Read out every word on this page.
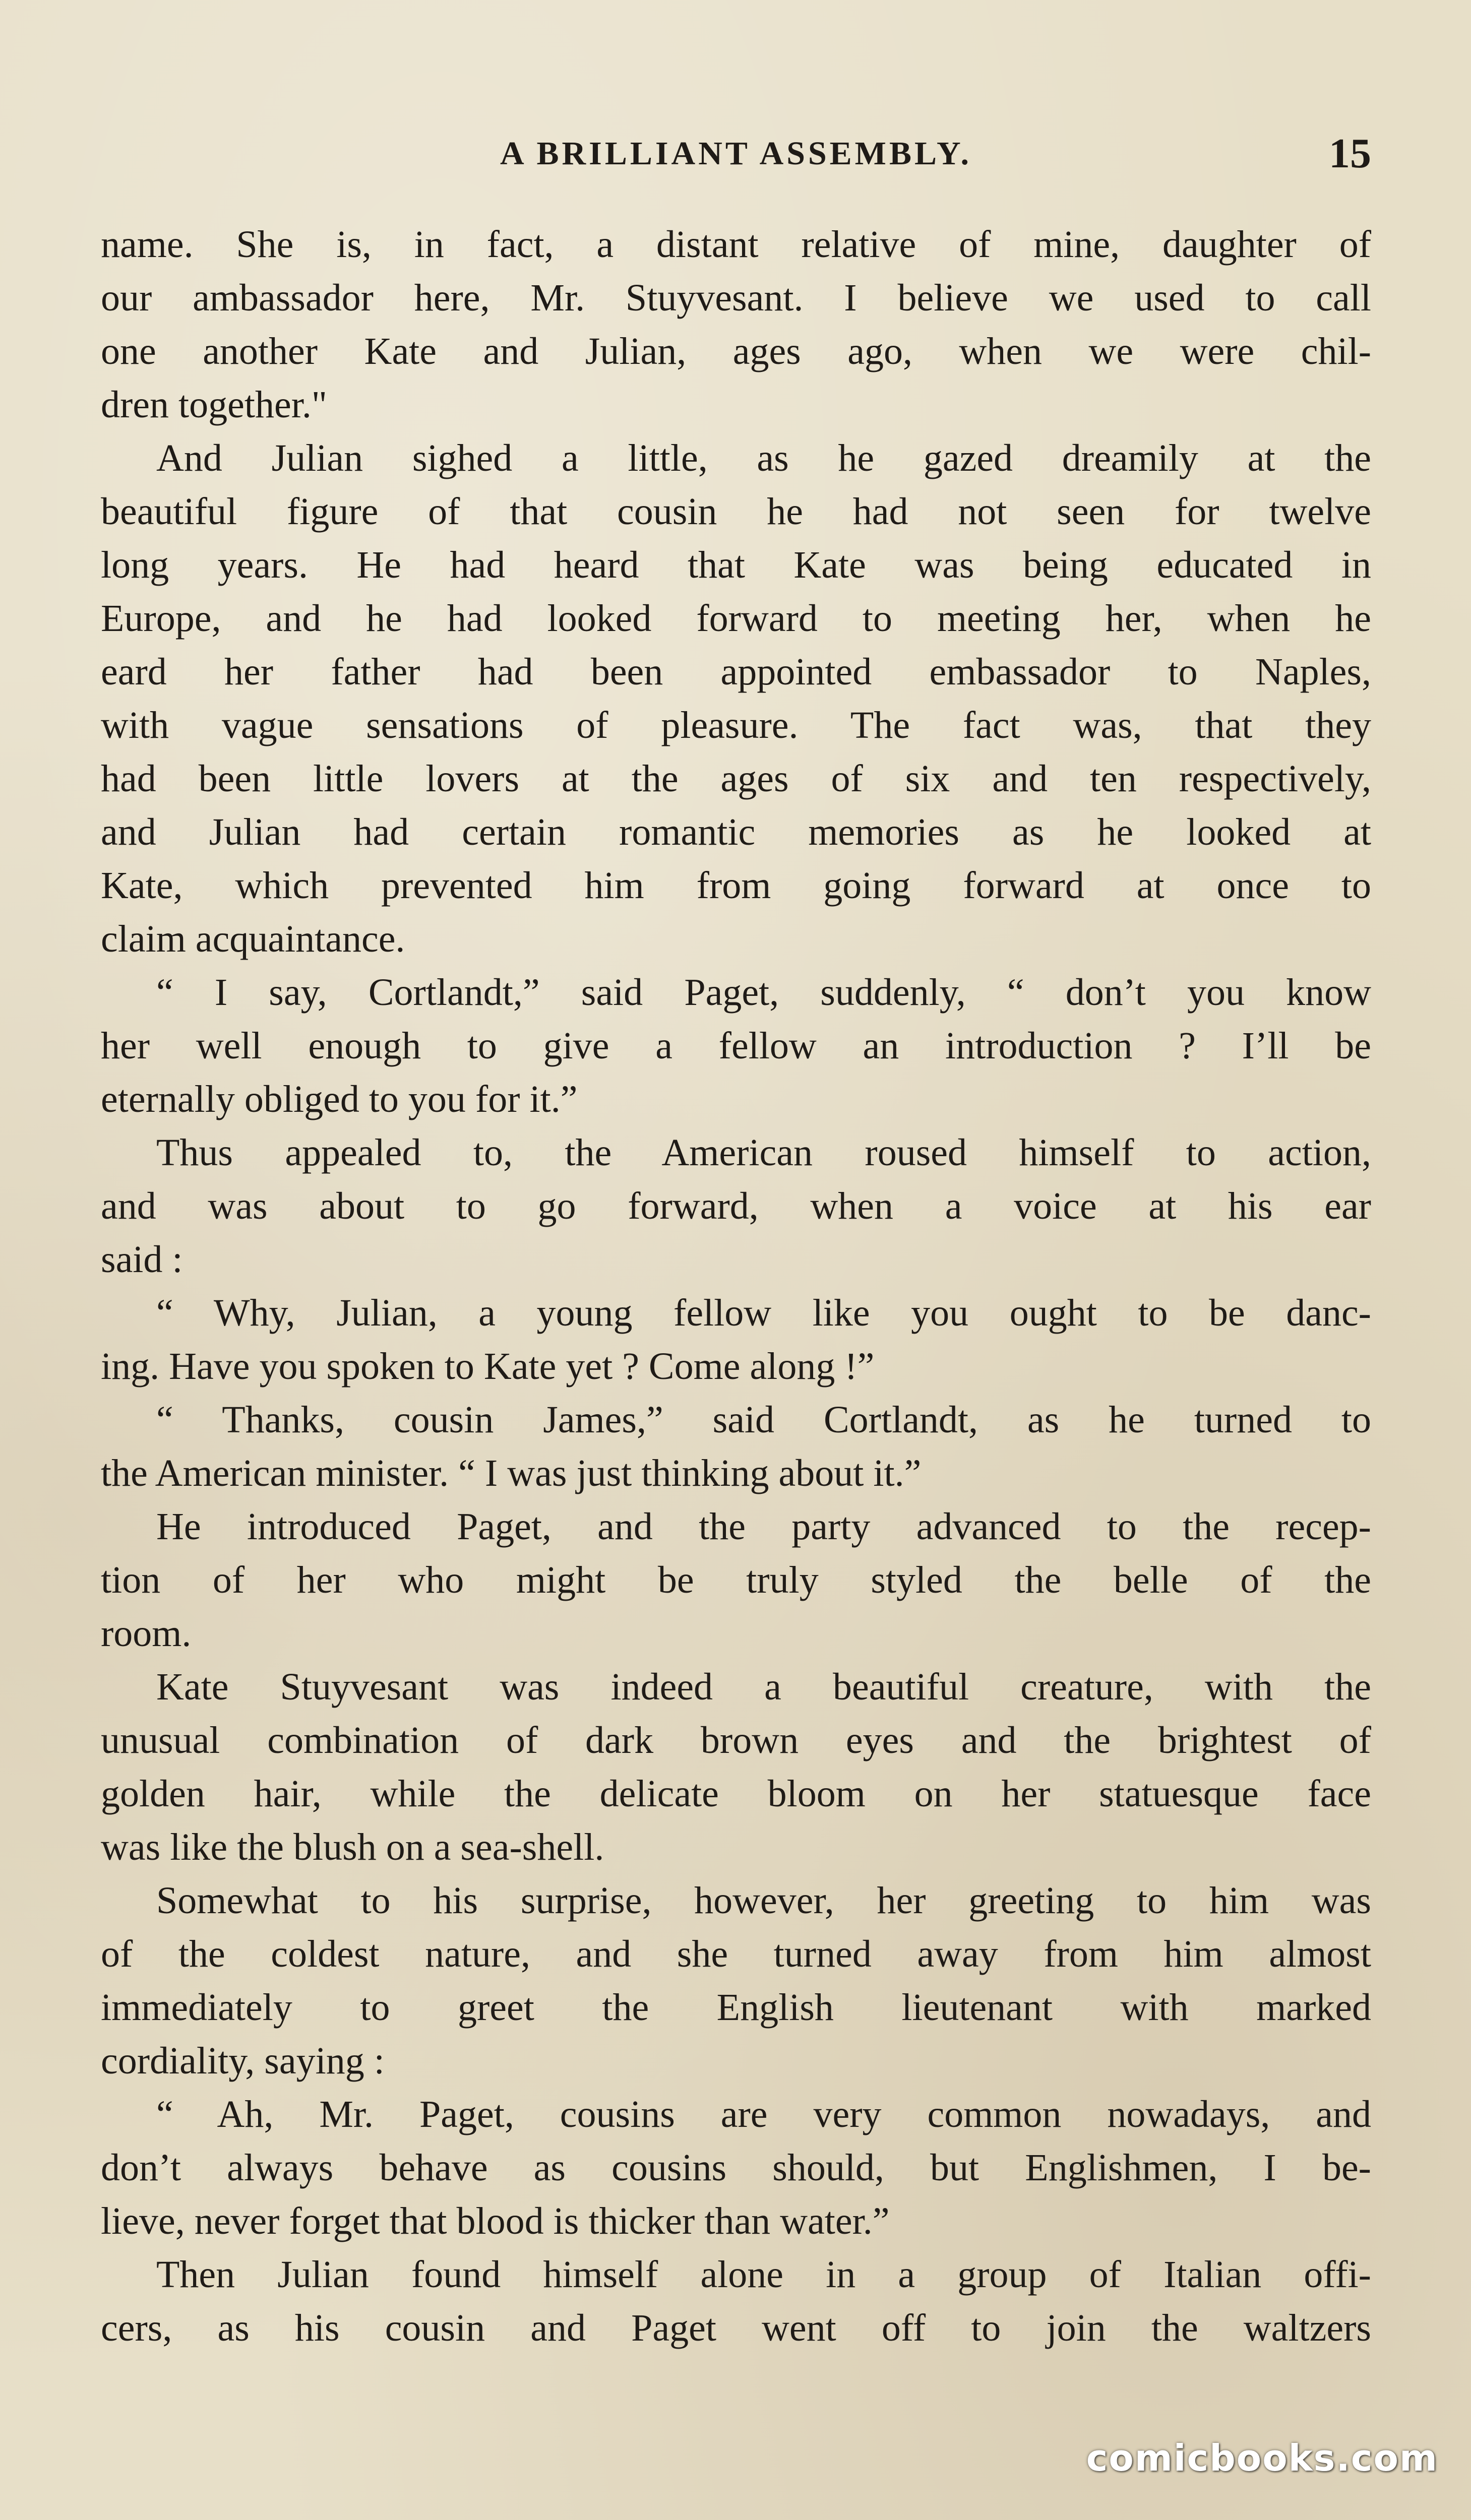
A BRILLIANT ASSEMBLY.	15
name. She is, in fact, a distant relative of mine, daughter of
our ambassador here, Mr. Stuyvesant. I believe we used to call
one another Kate and Julian, ages ago, when we were chil-
dren together."
And Julian sighed a little, as he gazed dreamily at the
beautiful figure of that cousin he had not seen for twelve
long years. He had heard that Kate was being educated in
Europe, and he had looked forward to meeting her, when he
eard her father had been appointed embassador to Naples,
with vague sensations of pleasure. The fact was, that they
had been little lovers at the ages of six and ten respectively,
and Julian had certain romantic memories as he looked at
Kate, which prevented him from going forward at once to
claim acquaintance.
“ I say, Cortlandt,” said Paget, suddenly, “ don’t you know
her well enough to give a fellow an introduction ? I’ll be
eternally obliged to you for it.”
Thus appealed to, the American roused himself to action,
and was about to go forward, when a voice at his ear
said :
“ Why, Julian, a young fellow like you ought to be danc-
ing. Have you spoken to Kate yet ? Come along !”
“ Thanks, cousin James,” said Cortlandt, as he turned to
the American minister. “ I was just thinking about it.”
He introduced Paget, and the party advanced to the recep-
tion of her who might be truly styled the belle of the
room.
Kate Stuyvesant was indeed a beautiful creature, with the
unusual combination of dark brown eyes and the brightest of
golden hair, while the delicate bloom on her statuesque face
was like the blush on a sea-shell.
Somewhat to his surprise, however, her greeting to him was
of the coldest nature, and she turned away from him almost
immediately to greet the English lieutenant with marked
cordiality, saying :
“ Ah, Mr. Paget, cousins are very common nowadays, and
don’t always behave as cousins should, but Englishmen, I be-
lieve, never forget that blood is thicker than water.”
Then Julian found himself alone in a group of Italian offi-
cers, as his cousin and Paget went off to join the waltzers
comicbooks.com
